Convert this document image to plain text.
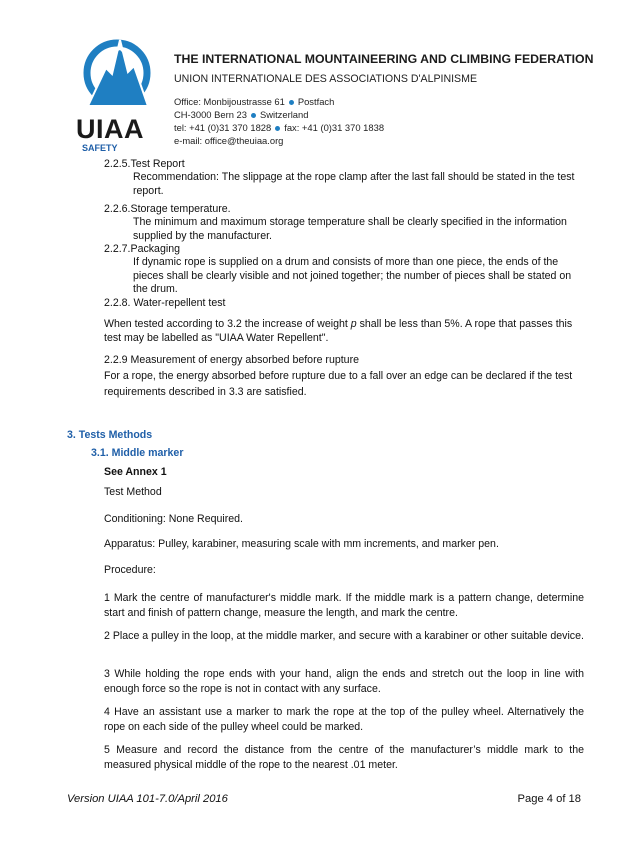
UIAA
SAFETY
THE INTERNATIONAL MOUNTAINEERING AND CLIMBING FEDERATION
UNION INTERNATIONALE DES ASSOCIATIONS D'ALPINISME
Office: Monbijoustrasse 61 Postfach
CH-3000 Bern 23 Switzerland
tel: +41 (0)31 370 1828 fax: +41 (0)31 370 1838
e-mail: office@theuiaa.org
2.2.5.Test Report
Recommendation: The slippage at the rope clamp after the last fall should be stated in the test report.
2.2.6.Storage temperature.
The minimum and maximum storage temperature shall be clearly specified in the information supplied by the manufacturer.
2.2.7.Packaging
If dynamic rope is supplied on a drum and consists of more than one piece, the ends of the pieces shall be clearly visible and not joined together; the number of pieces shall be stated on the drum.
2.2.8. Water-repellent test
When tested according to 3.2 the increase of weight p shall be less than 5%. A rope that passes this test may be labelled as "UIAA Water Repellent".
2.2.9 Measurement of energy absorbed before rupture
For a rope, the energy absorbed before rupture due to a fall over an edge can be declared if the test requirements described in 3.3 are satisfied.
3. Tests Methods
3.1. Middle marker
See Annex 1
Test Method
Conditioning: None Required.
Apparatus: Pulley, karabiner, measuring scale with mm increments, and marker pen.
Procedure:
1 Mark the centre of manufacturer's middle mark. If the middle mark is a pattern change, determine start and finish of pattern change, measure the length, and mark the centre.
2 Place a pulley in the loop, at the middle marker, and secure with a karabiner or other suitable device.
3 While holding the rope ends with your hand, align the ends and stretch out the loop in line with enough force so the rope is not in contact with any surface.
4 Have an assistant use a marker to mark the rope at the top of the pulley wheel. Alternatively the rope on each side of the pulley wheel could be marked.
5 Measure and record the distance from the centre of the manufacturer’s middle mark to the measured physical middle of the rope to the nearest .01 meter.
Version UIAA 101-7.0/April 2016	Page 4 of 18
